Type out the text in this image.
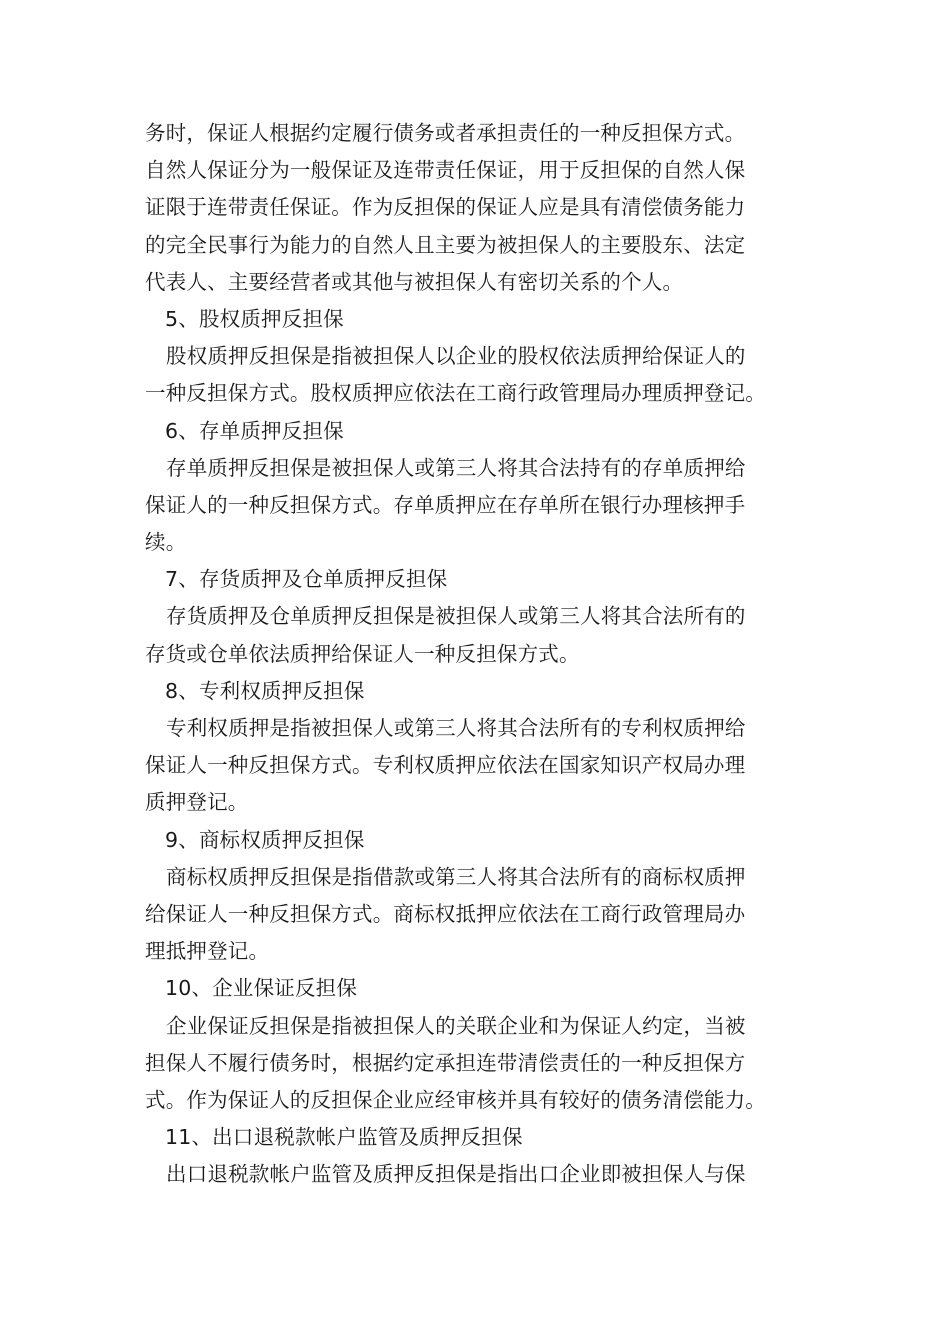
务时，保证人根据约定履行债务或者承担责任的一种反担保方式。
自然人保证分为一般保证及连带责任保证，用于反担保的自然人保
证限于连带责任保证。作为反担保的保证人应是具有清偿债务能力
的完全民事行为能力的自然人且主要为被担保人的主要股东、法定
代表人、主要经营者或其他与被担保人有密切关系的个人。
5、股权质押反担保
股权质押反担保是指被担保人以企业的股权依法质押给保证人的
一种反担保方式。股权质押应依法在工商行政管理局办理质押登记。
6、存单质押反担保
存单质押反担保是被担保人或第三人将其合法持有的存单质押给
保证人的一种反担保方式。存单质押应在存单所在银行办理核押手
续。
7、存货质押及仓单质押反担保
存货质押及仓单质押反担保是被担保人或第三人将其合法所有的
存货或仓单依法质押给保证人一种反担保方式。
8、专利权质押反担保
专利权质押是指被担保人或第三人将其合法所有的专利权质押给
保证人一种反担保方式。专利权质押应依法在国家知识产权局办理
质押登记。
9、商标权质押反担保
商标权质押反担保是指借款或第三人将其合法所有的商标权质押
给保证人一种反担保方式。商标权抵押应依法在工商行政管理局办
理抵押登记。
10、企业保证反担保
企业保证反担保是指被担保人的关联企业和为保证人约定，当被
担保人不履行债务时，根据约定承担连带清偿责任的一种反担保方
式。作为保证人的反担保企业应经审核并具有较好的债务清偿能力。
11、出口退税款帐户监管及质押反担保
出口退税款帐户监管及质押反担保是指出口企业即被担保人与保
